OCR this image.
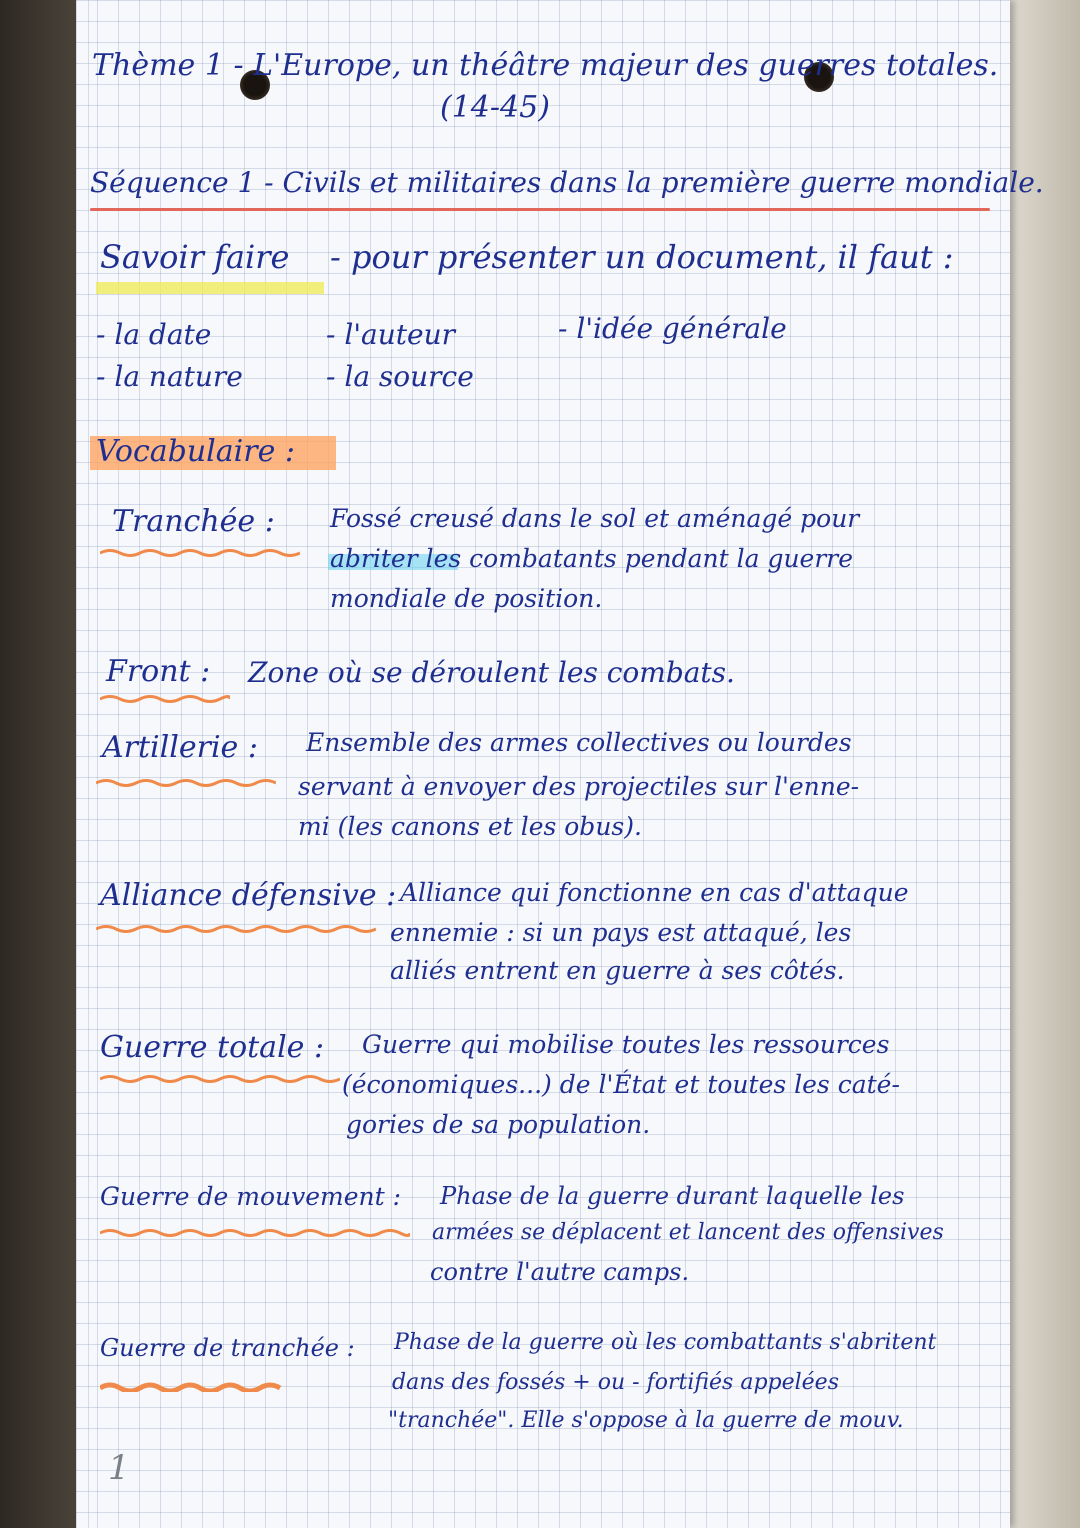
Thème 1 - L'Europe, un théâtre majeur des guerres totales.
(14-45)
Séquence 1 - Civils et militaires dans la première guerre mondiale.
Savoir faire - pour présenter un document, il faut :
- la date	- l'auteur	- l'idée générale
- la nature	- la source
Vocabulaire :
Tranchée : Fossé creusé dans le sol et aménagé pour
abriter les combatants pendant la guerre
mondiale de position.
Front : Zone où se déroulent les combats.
Artillerie : Ensemble des armes collectives ou lourdes
servant à envoyer des projectiles sur l'enne-
mi (les canons et les obus).
Alliance défensive : Alliance qui fonctionne en cas d'attaque
ennemie : si un pays est attaqué, les
alliés entrent en guerre à ses côtés.
Guerre totale : Guerre qui mobilise toutes les ressources
(économiques...) de l'État et toutes les caté-
gories de sa population.
Guerre de mouvement : Phase de la guerre durant laquelle les
armées se déplacent et lancent des offensives
contre l'autre camps.
Guerre de tranchée : Phase de la guerre où les combattants s'abritent
dans des fossés + ou - fortifiés appelées
"tranchée". Elle s'oppose à la guerre de mouv.
1
